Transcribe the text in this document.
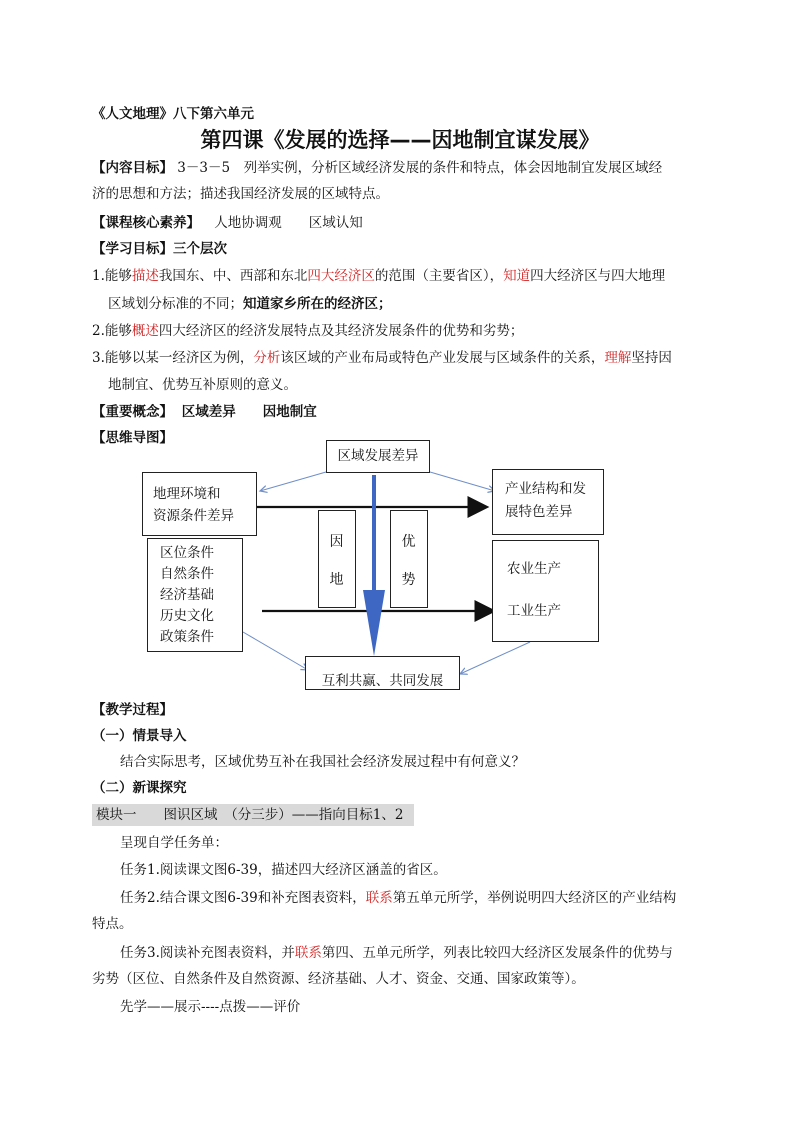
《人文地理》八下第六单元
第四课《发展的选择——因地制宜谋发展》
【内容目标】 3－3－5　列举实例，分析区域经济发展的条件和特点，体会因地制宜发展区域经
济的思想和方法；描述我国经济发展的区域特点。
【课程核心素养】 人地协调观　　区域认知
【学习目标】三个层次
1.能够描述我国东、中、西部和东北四大经济区的范围（主要省区），知道四大经济区与四大地理
区域划分标准的不同；知道家乡所在的经济区；
2.能够概述四大经济区的经济发展特点及其经济发展条件的优势和劣势；
3.能够以某一经济区为例，分析该区域的产业布局或特色产业发展与区域条件的关系，理解坚持因
地制宜、优势互补原则的意义。
【重要概念】 区域差异　　因地制宜
【思维导图】
区域发展差异
地理环境和
资源条件差异
区位条件
自然条件
经济基础
历史文化
政策条件
因
地
优
势
产业结构和发
展特色差异
农业生产
工业生产
互利共赢、共同发展
【教学过程】
（一）情景导入
结合实际思考，区域优势互补在我国社会经济发展过程中有何意义？
（二）新课探究
模块一　　图识区域　（分三步）——指向目标1、2
呈现自学任务单：
任务1.阅读课文图6-39，描述四大经济区涵盖的省区。
任务2.结合课文图6-39和补充图表资料，联系第五单元所学，举例说明四大经济区的产业结构
特点。
任务3.阅读补充图表资料，并联系第四、五单元所学，列表比较四大经济区发展条件的优势与
劣势（区位、自然条件及自然资源、经济基础、人才、资金、交通、国家政策等）。
先学——展示----点拨——评价
